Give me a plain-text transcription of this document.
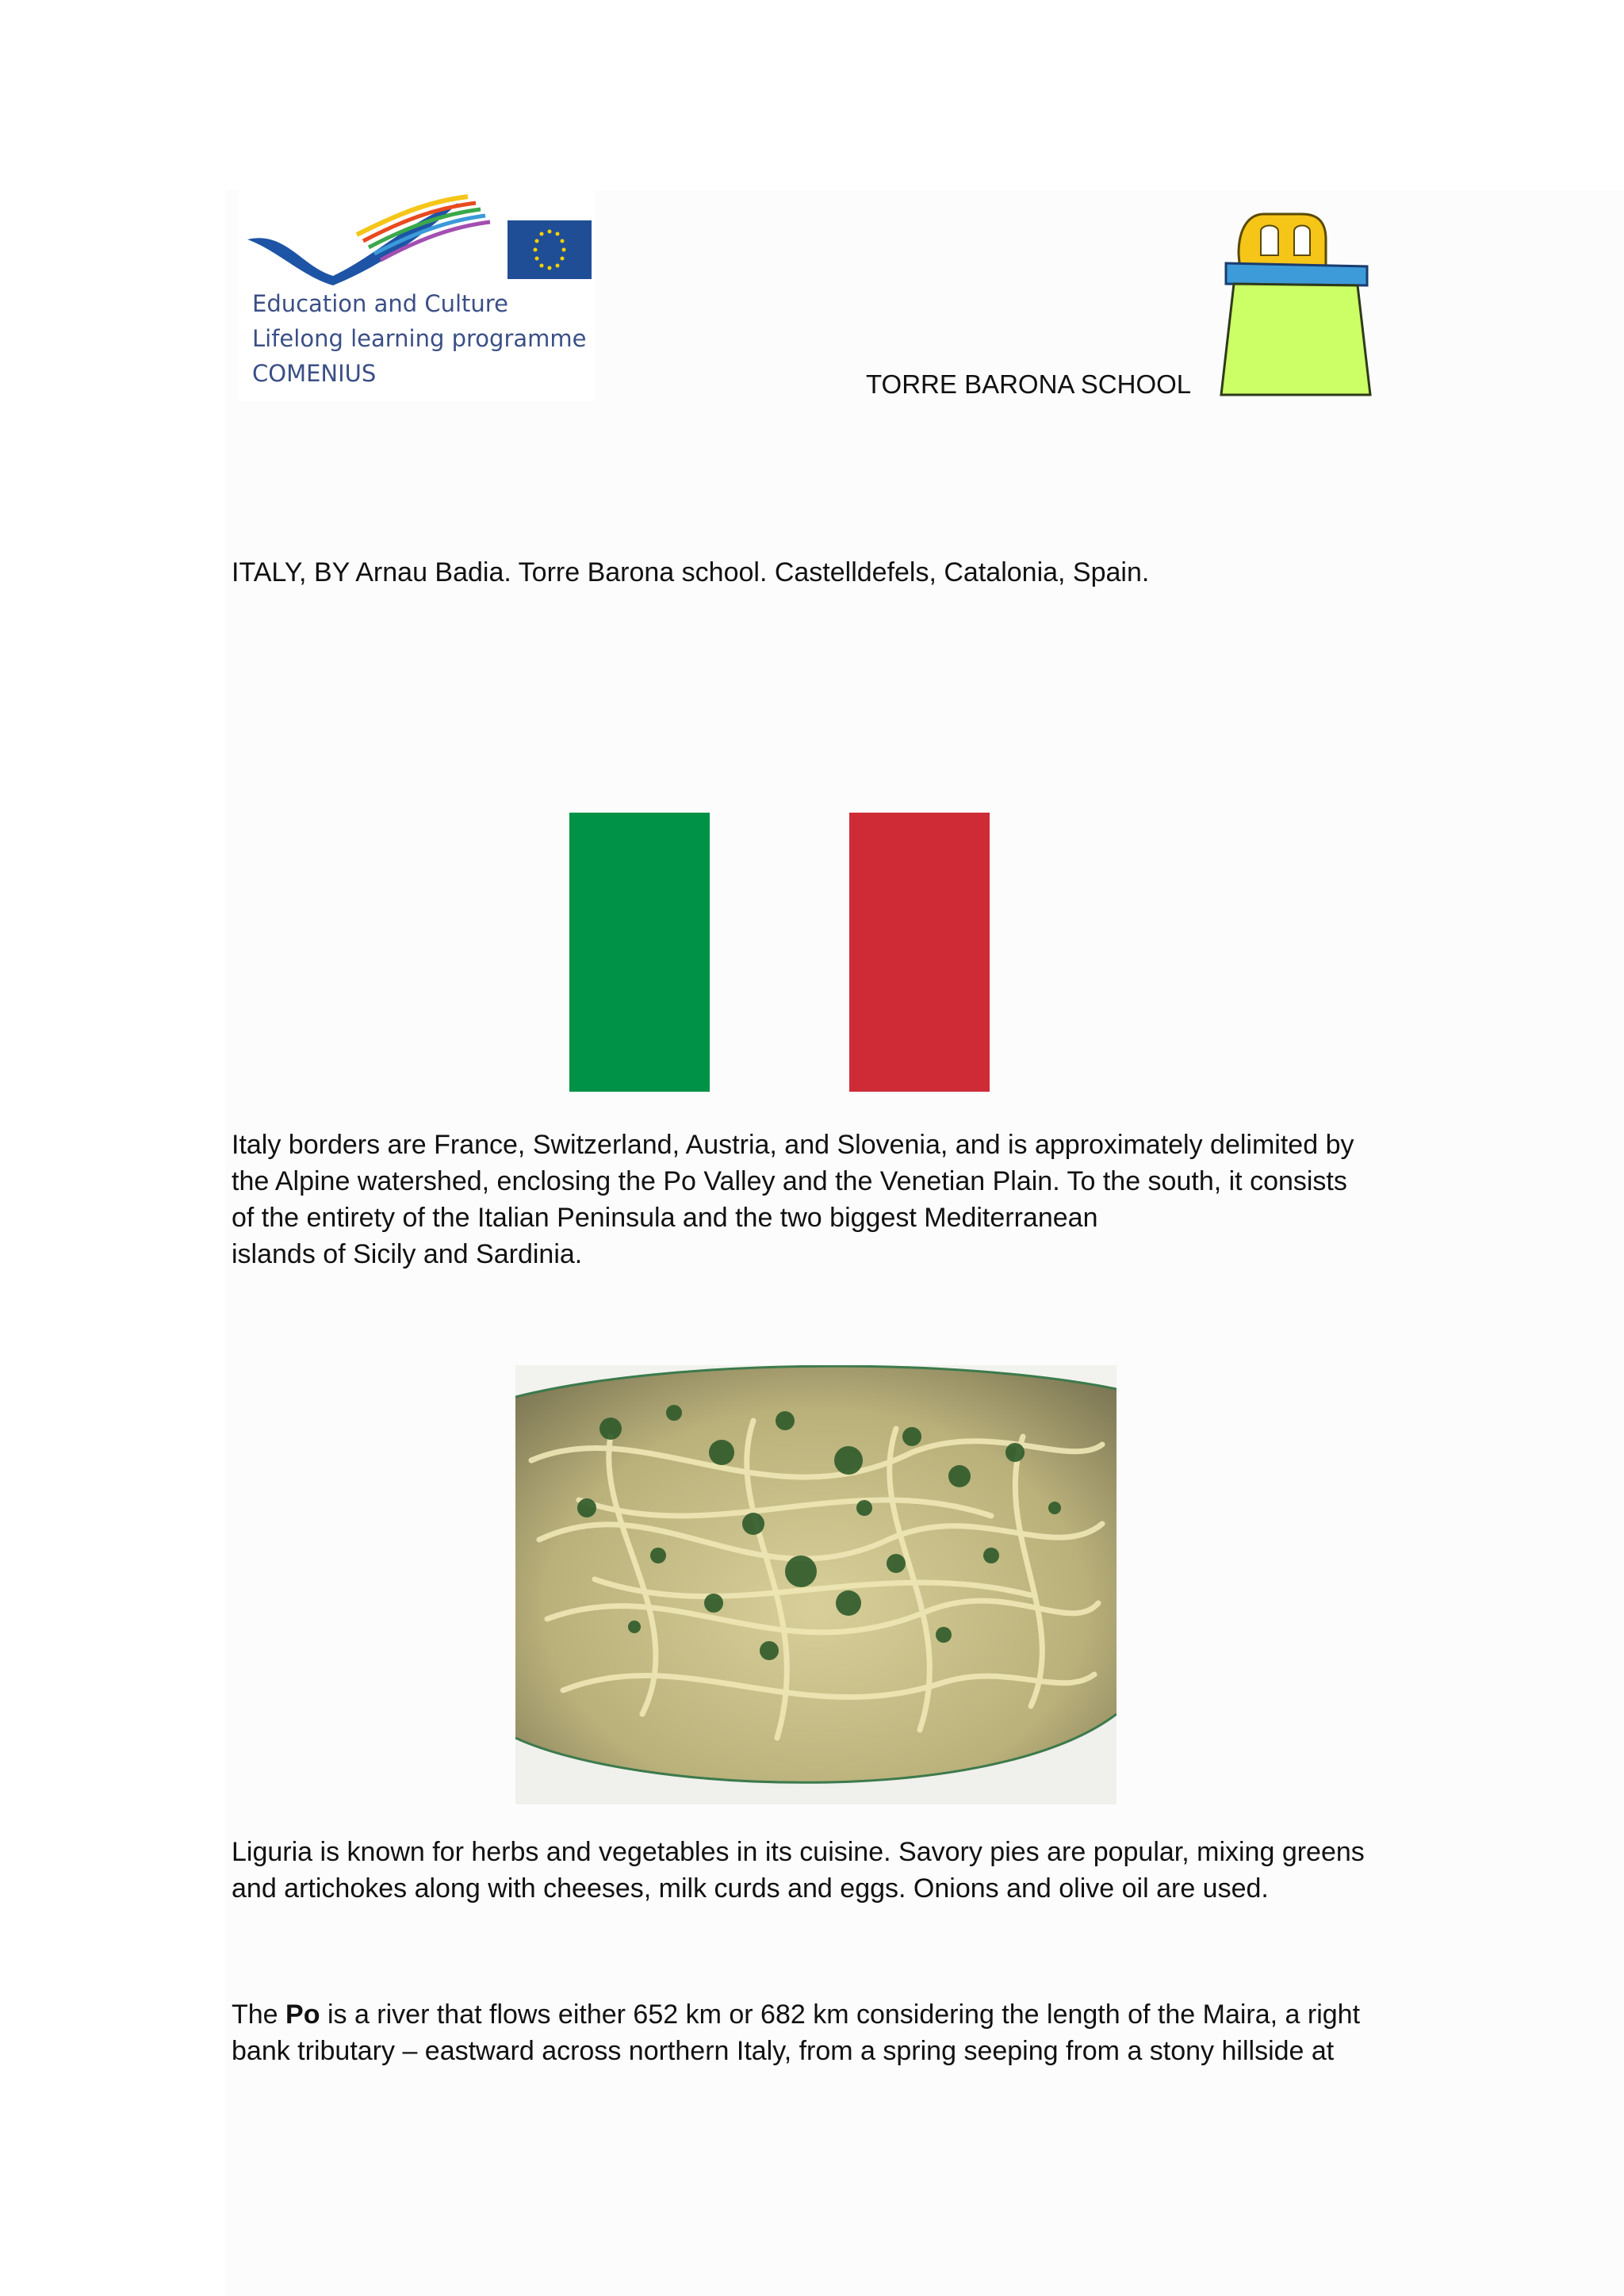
Education and Culture
Lifelong learning programme
COMENIUS	TORRE BARONA SCHOOL
ITALY, BY Arnau Badia. Torre Barona school. Castelldefels, Catalonia, Spain.

Italy borders are France, Switzerland, Austria, and Slovenia, and is approximately delimited by

the Alpine watershed, enclosing the Po Valley and the Venetian Plain. To the south, it consists

of the entirety of the Italian Peninsula and the two biggest Mediterranean

islands of Sicily and Sardinia.

Liguria is known for herbs and vegetables in its cuisine. Savory pies are popular, mixing greens

and artichokes along with cheeses, milk curds and eggs. Onions and olive oil are used.

The Po is a river that flows either 652 km or 682 km considering the length of the Maira, a right

bank tributary – eastward across northern Italy, from a spring seeping from a stony hillside at
